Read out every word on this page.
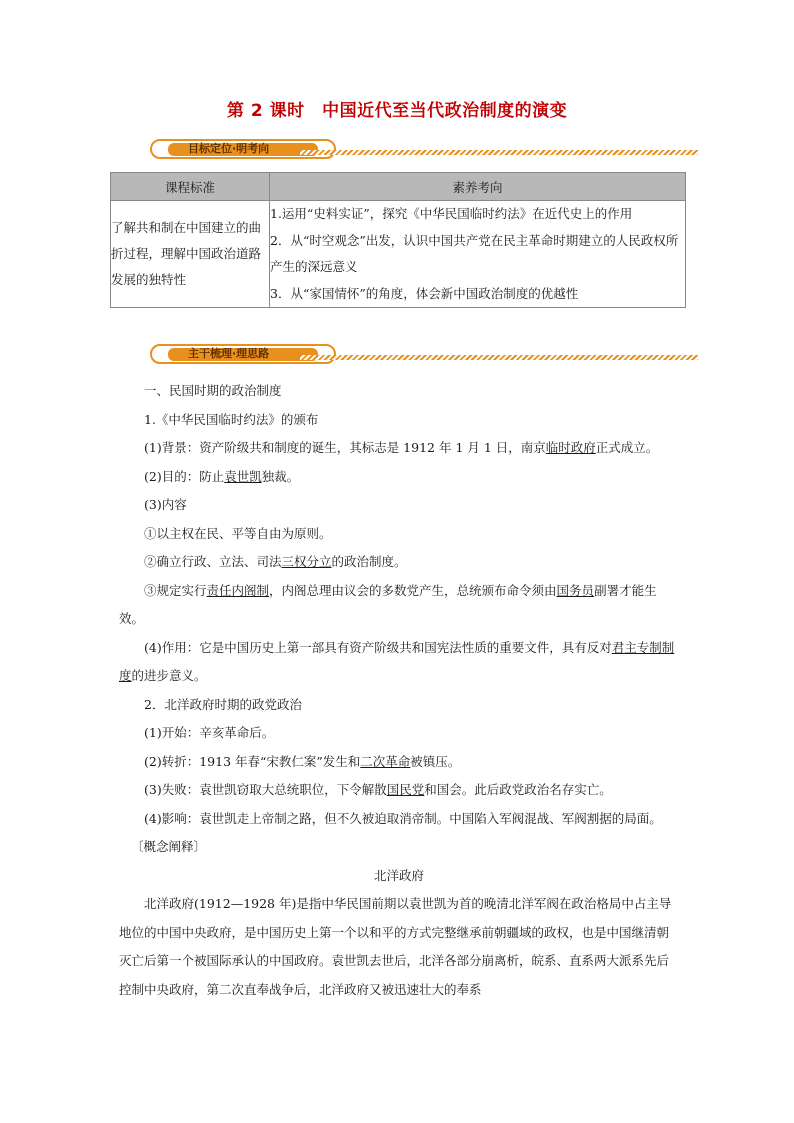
第 2 课时　中国近代至当代政治制度的演变
目标定位·明考向
课程标准	素养考向
了解共和制在中国建立的曲折过程，理解中国政治道路发展的独特性	1.运用“史料实证”，探究《中华民国临时约法》在近代史上的作用
2．从“时空观念”出发，认识中国共产党在民主革命时期建立的人民政权所产生的深远意义
3．从“家国情怀”的角度，体会新中国政治制度的优越性
主干梳理·理思路

一、民国时期的政治制度

1.《中华民国临时约法》的颁布

(1)背景：资产阶级共和制度的诞生，其标志是 1912 年 1 月 1 日，南京临时政府正式成立。

(2)目的：防止袁世凯独裁。

(3)内容

①以主权在民、平等自由为原则。

②确立行政、立法、司法三权分立的政治制度。

③规定实行责任内阁制，内阁总理由议会的多数党产生，总统颁布命令须由国务员副署才能生效。

(4)作用：它是中国历史上第一部具有资产阶级共和国宪法性质的重要文件，具有反对君主专制制度的进步意义。

2．北洋政府时期的政党政治

(1)开始：辛亥革命后。

(2)转折：1913 年春“宋教仁案”发生和二次革命被镇压。

(3)失败：袁世凯窃取大总统职位，下令解散国民党和国会。此后政党政治名存实亡。

(4)影响：袁世凯走上帝制之路，但不久被迫取消帝制。中国陷入军阀混战、军阀割据的局面。

〔概念阐释〕

北洋政府

北洋政府(1912—1928 年)是指中华民国前期以袁世凯为首的晚清北洋军阀在政治格局中占主导地位的中国中央政府，是中国历史上第一个以和平的方式完整继承前朝疆域的政权，也是中国继清朝灭亡后第一个被国际承认的中国政府。袁世凯去世后，北洋各部分崩离析，皖系、直系两大派系先后控制中央政府，第二次直奉战争后，北洋政府又被迅速壮大的奉系
